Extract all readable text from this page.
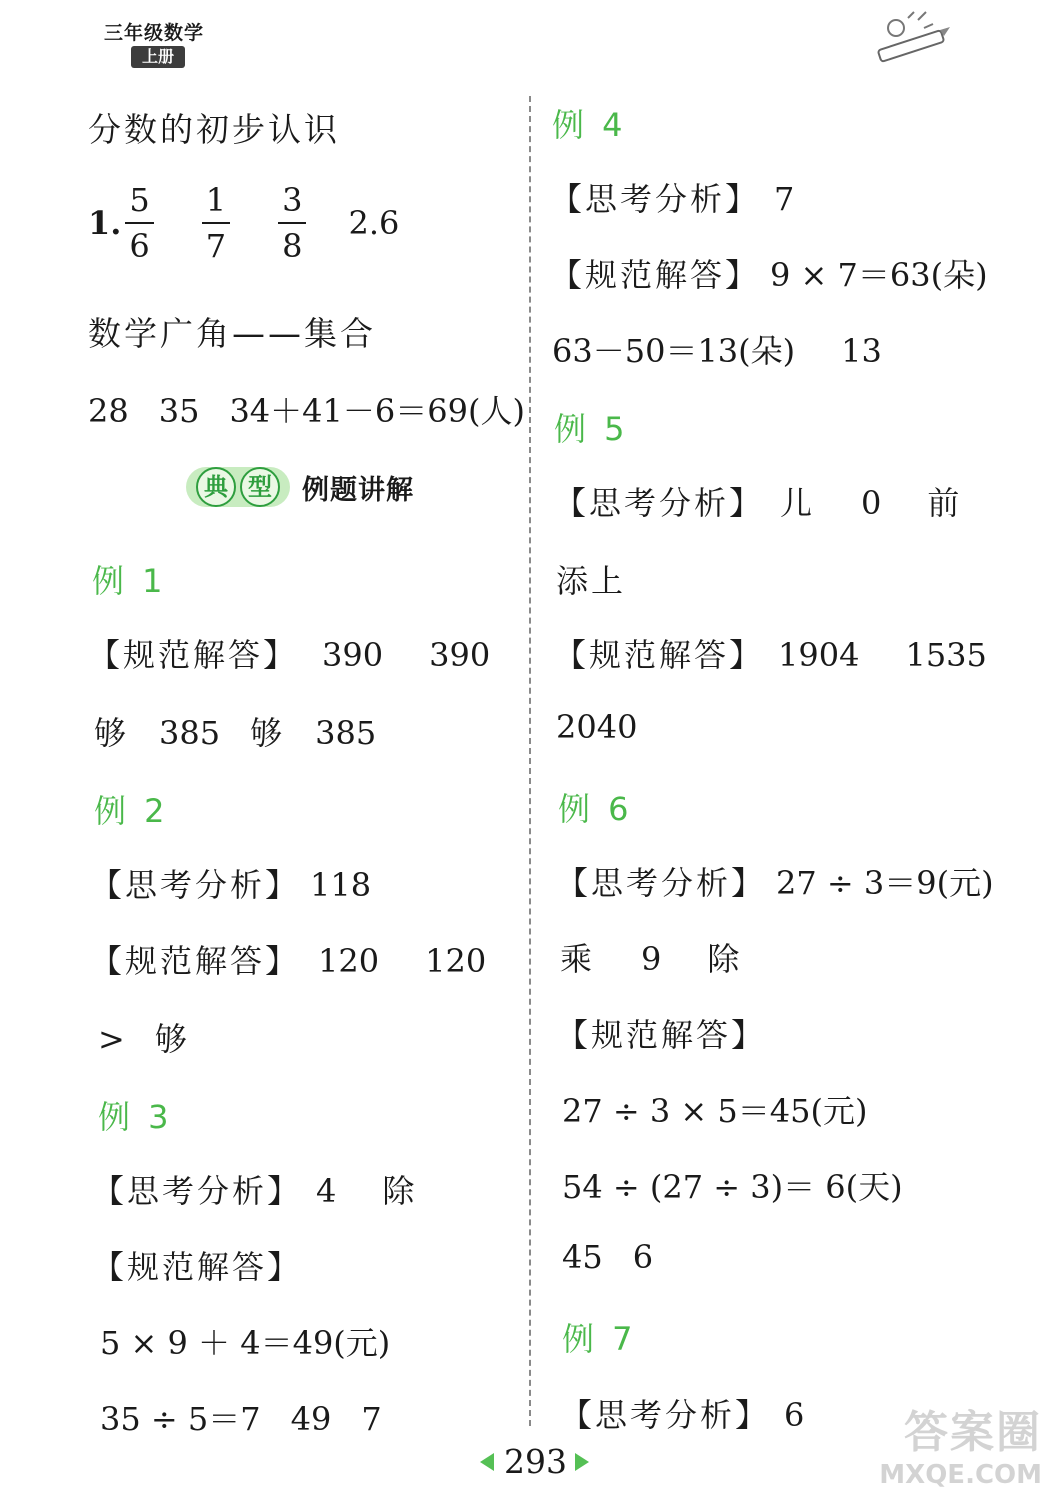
三年级数学
上册
分数的初步认识
1. $\frac{5}{6} \frac{1}{7} \frac{3}{8} 2.6$
数学广角——集合
28 35 34＋41－6＝69(人)
典 型 例题讲解
例 1
【规范解答】 390 390
够 385 够 385
例 2
【思考分析】 118
【规范解答】 120 120
> 够
例 3
【思考分析】 4 除
【规范解答】
5 × 9 ＋ 4＝49(元)
35 ÷ 5＝7 49 7
例 4
【思考分析】 7
【规范解答】 9 × 7＝63(朵)
63－50＝13(朵) 13
例 5
【思考分析】 儿 0 前
添上
【规范解答】 1904 1535
2040
例 6
【思考分析】 27 ÷ 3＝9(元)
乘 9 除
【规范解答】
27 ÷ 3 × 5＝45(元)
54 ÷ (27 ÷ 3)＝ 6(天)
45 6
例 7
【思考分析】 6
293
答案圈
MXQE.COM
